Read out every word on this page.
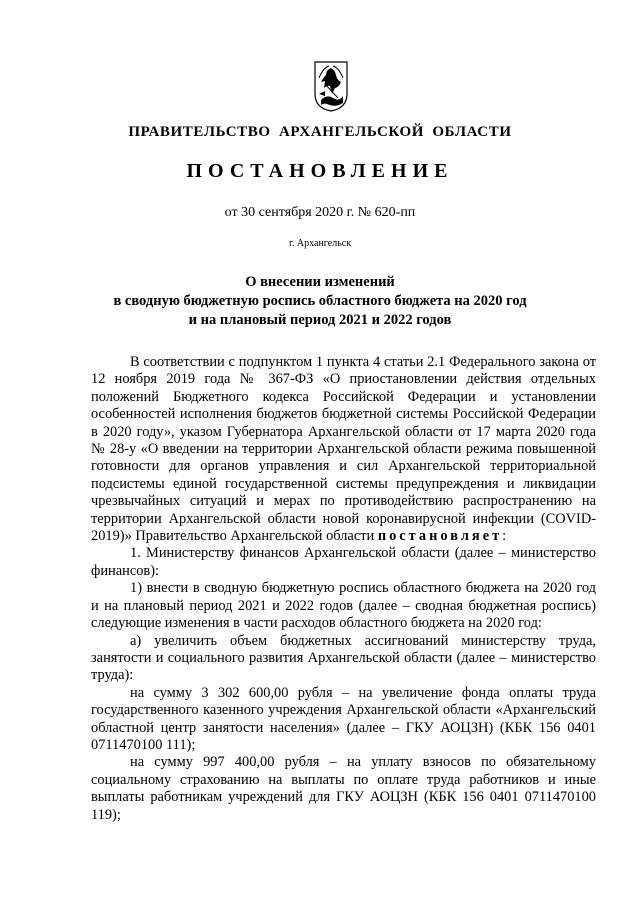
ПРАВИТЕЛЬСТВО АРХАНГЕЛЬСКОЙ ОБЛАСТИ
ПОСТАНОВЛЕНИЕ
от 30 сентября 2020 г. № 620-пп
г. Архангельск
О внесении изменений
в сводную бюджетную роспись областного бюджета на 2020 год
и на плановый период 2021 и 2022 годов

В соответствии с подпунктом 1 пункта 4 статьи 2.1 Федерального закона от 12 ноября 2019 года № 367-ФЗ «О приостановлении действия отдельных положений Бюджетного кодекса Российской Федерации и установлении особенностей исполнения бюджетов бюджетной системы Российской Федерации в 2020 году», указом Губернатора Архангельской области от 17 марта 2020 года № 28-у «О введении на территории Архангельской области режима повышенной готовности для органов управления и сил Архангельской территориальной подсистемы единой государственной системы предупреждения и ликвидации чрезвычайных ситуаций и мерах по противодействию распространению на территории Архангельской области новой коронавирусной инфекции (COVID-2019)» Правительство Архангельской области постановляет:

1. Министерству финансов Архангельской области (далее – министерство финансов):

1) внести в сводную бюджетную роспись областного бюджета на 2020 год и на плановый период 2021 и 2022 годов (далее – сводная бюджетная роспись) следующие изменения в части расходов областного бюджета на 2020 год:

а) увеличить объем бюджетных ассигнований министерству труда, занятости и социального развития Архангельской области (далее – министерство труда):

на сумму 3 302 600,00 рубля – на увеличение фонда оплаты труда государственного казенного учреждения Архангельской области «Архангельский областной центр занятости населения» (далее – ГКУ АОЦЗН) (КБК 156 0401 0711470100 111);

на сумму 997 400,00 рубля – на уплату взносов по обязательному социальному страхованию на выплаты по оплате труда работников и иные выплаты работникам учреждений для ГКУ АОЦЗН (КБК 156 0401 0711470100 119);
